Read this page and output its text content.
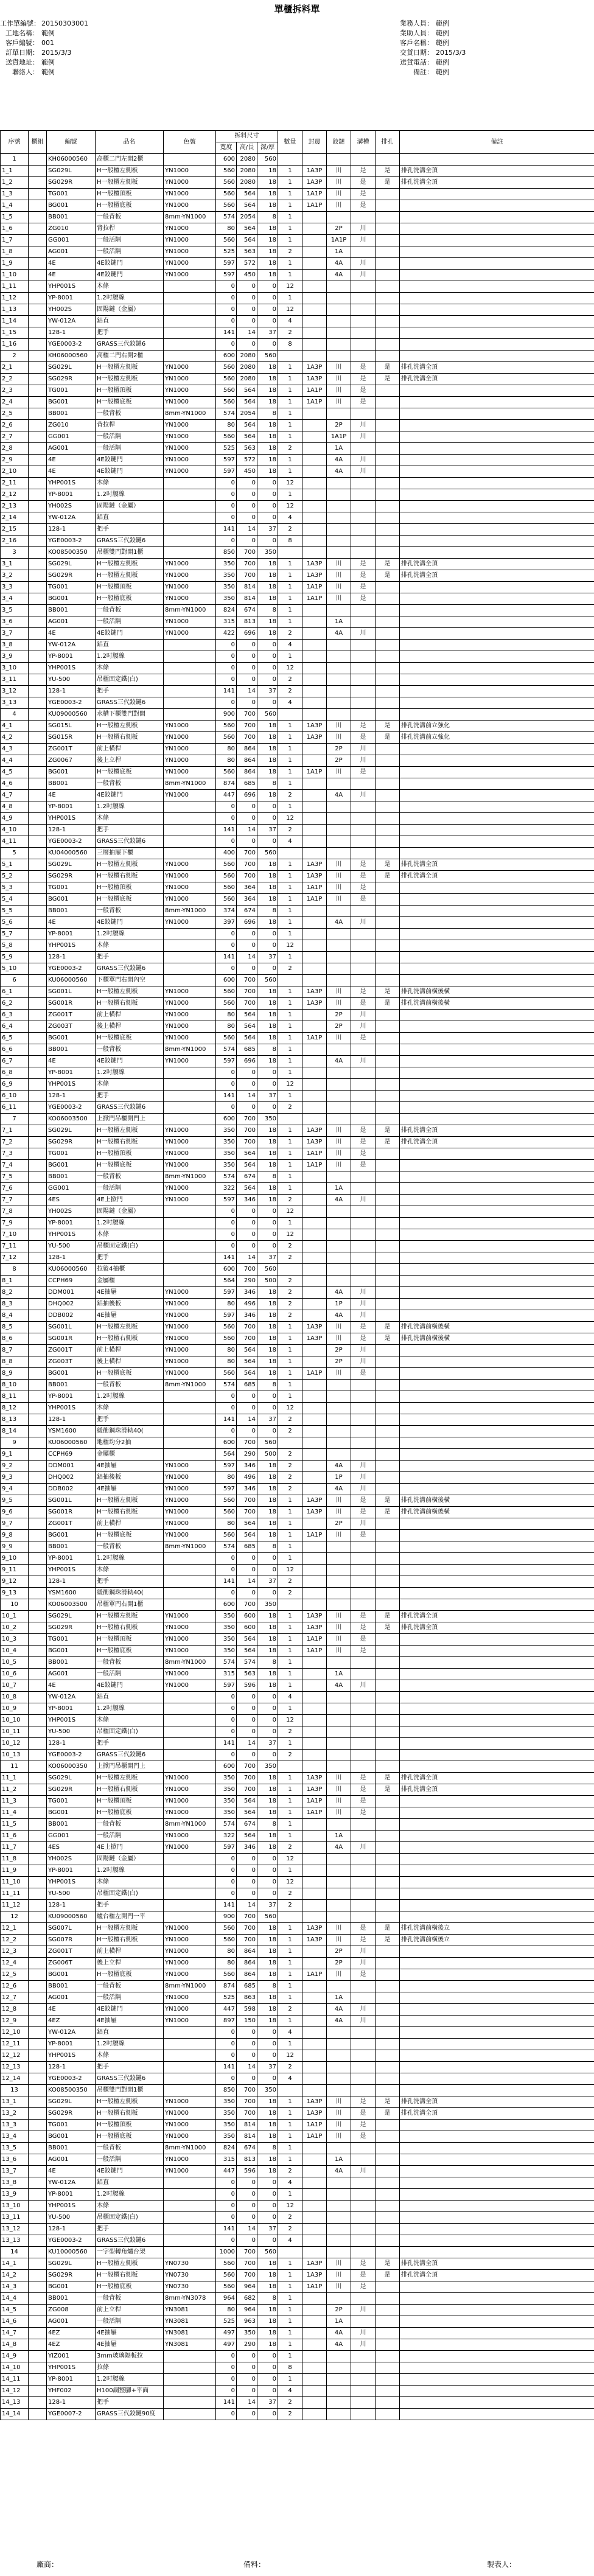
單櫃拆料單
工作單編號： 20150303001
工地名稱： 範例
客戶編號： 001
訂單日期： 2015/3/3
送貨地址： 範例
聯絡人： 範例
業務人員： 範例
業助人員： 範例
客戶名稱： 範例
交貨日期： 2015/3/3
送貨電話： 範例
備註： 範例
序號	櫃組	編號	品名	色號	拆料尺寸			數量	封邊	鉸鏈	溝槽	排孔	備註
					寬度	高/長	深/厚						
1		KH06000560	高櫃二門左開2櫃		600	2080	560						
1_1		SG029L	H一般櫃左側板	YN1000	560	2080	18	1	1A3P	川	是	是	排孔洗溝全頂
1_2		SG029R	H一般櫃左側板	YN1000	560	2080	18	1	1A3P	川	是	是	排孔洗溝全頂
1_3		TG001	H一般櫃頂板	YN1000	560	564	18	1	1A1P	川	是		
1_4		BG001	H一般櫃底板	YN1000	560	564	18	1	1A1P	川	是		
1_5		BB001	一般背板	8mm-YN1000	574	2054	8	1					
1_6		ZG010	背拉桿	YN1000	80	564	18	1		2P	川		
1_7		GG001	一般活隔	YN1000	560	564	18	1		1A1P	川		
1_8		AG001	一般活隔	YN1000	525	563	18	2		1A			
1_9		4E	4E鉸鏈門	YN1000	597	572	18	1		4A	川		
1_10		4E	4E鉸鏈門	YN1000	597	450	18	1		4A	川		
1_11		YHP001S	木條		0	0	0	12					
1_12		YP-8001	1.2吋腰線		0	0	0	1					
1_13		YH002S	固陽鏈（金屬）		0	0	0	12					
1_14		YW-012A	鋁直		0	0	0	4					
1_15		128-1	把手		141	14	37	2					
1_16		YGE0003-2	GRASS三代鉸鏈6		0	0	0	8					
2		KH06000560	高櫃二門右開2櫃		600	2080	560						
2_1		SG029L	H一般櫃左側板	YN1000	560	2080	18	1	1A3P	川	是	是	排孔洗溝全頂
2_2		SG029R	H一般櫃左側板	YN1000	560	2080	18	1	1A3P	川	是	是	排孔洗溝全頂
2_3		TG001	H一般櫃頂板	YN1000	560	564	18	1	1A1P	川	是		
2_4		BG001	H一般櫃底板	YN1000	560	564	18	1	1A1P	川	是		
2_5		BB001	一般背板	8mm-YN1000	574	2054	8	1					
2_6		ZG010	背拉桿	YN1000	80	564	18	1		2P	川		
2_7		GG001	一般活隔	YN1000	560	564	18	1		1A1P	川		
2_8		AG001	一般活隔	YN1000	525	563	18	2		1A			
2_9		4E	4E鉸鏈門	YN1000	597	572	18	1		4A	川		
2_10		4E	4E鉸鏈門	YN1000	597	450	18	1		4A	川		
2_11		YHP001S	木條		0	0	0	12					
2_12		YP-8001	1.2吋腰線		0	0	0	1					
2_13		YH002S	固陽鏈（金屬）		0	0	0	12					
2_14		YW-012A	鋁直		0	0	0	4					
2_15		128-1	把手		141	14	37	2					
2_16		YGE0003-2	GRASS三代鉸鏈6		0	0	0	8					
3		KO08500350	吊櫃雙門對開1櫃		850	700	350						
3_1		SG029L	H一般櫃左側板	YN1000	350	700	18	1	1A3P	川	是	是	排孔洗溝全頂
3_2		SG029R	H一般櫃左側板	YN1000	350	700	18	1	1A3P	川	是	是	排孔洗溝全頂
3_3		TG001	H一般櫃頂板	YN1000	350	814	18	1	1A1P	川	是		
3_4		BG001	H一般櫃底板	YN1000	350	814	18	1	1A1P	川	是		
3_5		BB001	一般背板	8mm-YN1000	824	674	8	1					
3_6		AG001	一般活隔	YN1000	315	813	18	1		1A			
3_7		4E	4E鉸鏈門	YN1000	422	696	18	2		4A	川		
3_8		YW-012A	鋁直		0	0	0	4					
3_9		YP-8001	1.2吋腰線		0	0	0	1					
3_10		YHP001S	木條		0	0	0	12					
3_11		YU-500	吊櫃固定鐵(白)		0	0	0	2					
3_12		128-1	把手		141	14	37	2					
3_13		YGE0003-2	GRASS三代鉸鏈6		0	0	0	4					
4		KU09000560	水槽下櫃雙門對開		900	700	560						
4_1		SG015L	H一般櫃左側板	YN1000	560	700	18	1	1A3P	川	是	是	排孔洗溝前立強化
4_2		SG015R	H一般櫃右側板	YN1000	560	700	18	1	1A3P	川	是	是	排孔洗溝前立強化
4_3		ZG001T	前上橫桿	YN1000	80	864	18	1		2P	川		
4_4		ZG0067	後上立桿	YN1000	80	864	18	1		2P	川		
4_5		BG001	H一般櫃底板	YN1000	560	864	18	1	1A1P	川	是		
4_6		BB001	一般背板	8mm-YN1000	874	685	8	1					
4_7		4E	4E鉸鏈門	YN1000	447	696	18	2		4A	川		
4_8		YP-8001	1.2吋腰線		0	0	0	1					
4_9		YHP001S	木條		0	0	0	12					
4_10		128-1	把手		141	14	37	2					
4_11		YGE0003-2	GRASS三代鉸鏈6		0	0	0	4					
5		KU04000560	三層抽屜下櫃		400	700	560						
5_1		SG029L	H一般櫃左側板	YN1000	560	700	18	1	1A3P	川	是	是	排孔洗溝全頂
5_2		SG029R	H一般櫃右側板	YN1000	560	700	18	1	1A3P	川	是	是	排孔洗溝全頂
5_3		TG001	H一般櫃頂板	YN1000	560	364	18	1	1A1P	川	是		
5_4		BG001	H一般櫃底板	YN1000	560	364	18	1	1A1P	川	是		
5_5		BB001	一般背板	8mm-YN1000	374	674	8	1					
5_6		4E	4E鉸鏈門	YN1000	397	696	18	1		4A	川		
5_7		YP-8001	1.2吋腰線		0	0	0	1					
5_8		YHP001S	木條		0	0	0	12					
5_9		128-1	把手		141	14	37	1					
5_10		YGE0003-2	GRASS三代鉸鏈6		0	0	0	2					
6		KU06000560	下櫃單門右開內空		600	700	560						
6_1		SG001L	H一般櫃左側板	YN1000	560	700	18	1	1A3P	川	是	是	排孔洗溝前橫後橫
6_2		SG001R	H一般櫃右側板	YN1000	560	700	18	1	1A3P	川	是	是	排孔洗溝前橫後橫
6_3		ZG001T	前上橫桿	YN1000	80	564	18	1		2P	川		
6_4		ZG003T	後上橫桿	YN1000	80	564	18	1		2P	川		
6_5		BG001	H一般櫃底板	YN1000	560	564	18	1	1A1P	川	是		
6_6		BB001	一般背板	8mm-YN1000	574	685	8	1					
6_7		4E	4E鉸鏈門	YN1000	597	696	18	1		4A	川		
6_8		YP-8001	1.2吋腰線		0	0	0	1					
6_9		YHP001S	木條		0	0	0	12					
6_10		128-1	把手		141	14	37	1					
6_11		YGE0003-2	GRASS三代鉸鏈6		0	0	0	2					
7		KO06003500	上掀門吊櫃開門上		600	700	350						
7_1		SG029L	H一般櫃左側板	YN1000	350	700	18	1	1A3P	川	是	是	排孔洗溝全頂
7_2		SG029R	H一般櫃右側板	YN1000	350	700	18	1	1A3P	川	是	是	排孔洗溝全頂
7_3		TG001	H一般櫃頂板	YN1000	350	564	18	1	1A1P	川	是		
7_4		BG001	H一般櫃底板	YN1000	350	564	18	1	1A1P	川	是		
7_5		BB001	一般背板	8mm-YN1000	574	674	8	1					
7_6		GG001	一般活隔	YN1000	322	564	18	1		1A			
7_7		4ES	4E上掀門	YN1000	597	346	18	2		4A	川		
7_8		YH002S	固陽鏈（金屬）		0	0	0	12					
7_9		YP-8001	1.2吋腰線		0	0	0	1					
7_10		YHP001S	木條		0	0	0	12					
7_11		YU-500	吊櫃固定鐵(白)		0	0	0	2					
7_12		128-1	把手		141	14	37	2					
8		KU06000560	拉籃4抽櫃		600	700	560						
8_1		CCPH69	金屬櫃		564	290	500	2					
8_2		DDM001	4E抽屜	YN1000	597	346	18	2		4A	川		
8_3		DHQ002	鋁抽後板	YN1000	80	496	18	2		1P	川		
8_4		DDB002	4E抽屜	YN1000	597	346	18	2		4A	川		
8_5		SG001L	H一般櫃左側板	YN1000	560	700	18	1	1A3P	川	是	是	排孔洗溝前橫後橫
8_6		SG001R	H一般櫃右側板	YN1000	560	700	18	1	1A3P	川	是	是	排孔洗溝前橫後橫
8_7		ZG001T	前上橫桿	YN1000	80	564	18	1		2P	川		
8_8		ZG003T	後上橫桿	YN1000	80	564	18	1		2P	川		
8_9		BG001	H一般櫃底板	YN1000	560	564	18	1	1A1P	川	是		
8_10		BB001	一般背板	8mm-YN1000	574	685	8	1					
8_11		YP-8001	1.2吋腰線		0	0	0	1					
8_12		YHP001S	木條		0	0	0	12					
8_13		128-1	把手		141	14	37	2					
8_14		YSM1600	緩衝鋼珠滑軌40(		0	0	0	2					
9		KU06000560	地櫃均分2抽		600	700	560						
9_1		CCPH69	金屬櫃		564	290	500	2					
9_2		DDM001	4E抽屜	YN1000	597	346	18	2		4A	川		
9_3		DHQ002	鋁抽後板	YN1000	80	496	18	2		1P	川		
9_4		DDB002	4E抽屜	YN1000	597	346	18	2		4A	川		
9_5		SG001L	H一般櫃左側板	YN1000	560	700	18	1	1A3P	川	是	是	排孔洗溝前橫後橫
9_6		SG001R	H一般櫃右側板	YN1000	560	700	18	1	1A3P	川	是	是	排孔洗溝前橫後橫
9_7		ZG001T	前上橫桿	YN1000	80	564	18	1		2P	川		
9_8		BG001	H一般櫃底板	YN1000	560	564	18	1	1A1P	川	是		
9_9		BB001	一般背板	8mm-YN1000	574	685	8	1					
9_10		YP-8001	1.2吋腰線		0	0	0	1					
9_11		YHP001S	木條		0	0	0	12					
9_12		128-1	把手		141	14	37	2					
9_13		YSM1600	緩衝鋼珠滑軌40(		0	0	0	2					
10		KO06003500	吊櫃單門右開1櫃		600	700	350						
10_1		SG029L	H一般櫃左側板	YN1000	350	600	18	1	1A3P	川	是	是	排孔洗溝全頂
10_2		SG029R	H一般櫃右側板	YN1000	350	600	18	1	1A3P	川	是	是	排孔洗溝全頂
10_3		TG001	H一般櫃頂板	YN1000	350	564	18	1	1A1P	川	是		
10_4		BG001	H一般櫃底板	YN1000	350	564	18	1	1A1P	川	是		
10_5		BB001	一般背板	8mm-YN1000	574	574	8	1					
10_6		AG001	一般活隔	YN1000	315	563	18	1		1A			
10_7		4E	4E鉸鏈門	YN1000	597	596	18	1		4A	川		
10_8		YW-012A	鋁直		0	0	0	4					
10_9		YP-8001	1.2吋腰線		0	0	0	1					
10_10		YHP001S	木條		0	0	0	12					
10_11		YU-500	吊櫃固定鐵(白)		0	0	0	2					
10_12		128-1	把手		141	14	37	1					
10_13		YGE0003-2	GRASS三代鉸鏈6		0	0	0	2					
11		KO06000350	上掀門吊櫃開門上		600	700	350						
11_1		SG029L	H一般櫃左側板	YN1000	350	700	18	1	1A3P	川	是	是	排孔洗溝全頂
11_2		SG029R	H一般櫃右側板	YN1000	350	700	18	1	1A3P	川	是	是	排孔洗溝全頂
11_3		TG001	H一般櫃頂板	YN1000	350	564	18	1	1A1P	川	是		
11_4		BG001	H一般櫃底板	YN1000	350	564	18	1	1A1P	川	是		
11_5		BB001	一般背板	8mm-YN1000	574	674	8	1					
11_6		GG001	一般活隔	YN1000	322	564	18	1		1A			
11_7		4ES	4E上掀門	YN1000	597	346	18	2		4A	川		
11_8		YH002S	固陽鏈（金屬）		0	0	0	12					
11_9		YP-8001	1.2吋腰線		0	0	0	1					
11_10		YHP001S	木條		0	0	0	12					
11_11		YU-500	吊櫃固定鐵(白)		0	0	0	2					
11_12		128-1	把手		141	14	37	2					
12		KU09000560	爐台櫃左開門一平		900	700	560						
12_1		SG007L	H一般櫃左側板	YN1000	560	700	18	1	1A3P	川	是	是	排孔洗溝前橫後立
12_2		SG007R	H一般櫃右側板	YN1000	560	700	18	1	1A3P	川	是	是	排孔洗溝前橫後立
12_3		ZG001T	前上橫桿	YN1000	80	864	18	1		2P	川		
12_4		ZG006T	後上立桿	YN1000	80	864	18	1		2P	川		
12_5		BG001	H一般櫃底板	YN1000	560	864	18	1	1A1P	川	是		
12_6		BB001	一般背板	8mm-YN1000	874	685	8	1					
12_7		AG001	一般活隔	YN1000	525	863	18	1		1A			
12_8		4E	4E鉸鏈門	YN1000	447	598	18	2		4A	川		
12_9		4EZ	4E抽屜	YN1000	897	150	18	1		4A	川		
12_10		YW-012A	鋁直		0	0	0	4					
12_11		YP-8001	1.2吋腰線		0	0	0	1					
12_12		YHP001S	木條		0	0	0	12					
12_13		128-1	把手		141	14	37	2					
12_14		YGE0003-2	GRASS三代鉸鏈6		0	0	0	4					
13		KO08500350	吊櫃雙門對開1櫃		850	700	350						
13_1		SG029L	H一般櫃左側板	YN1000	350	700	18	1	1A3P	川	是	是	排孔洗溝全頂
13_2		SG029R	H一般櫃右側板	YN1000	350	700	18	1	1A3P	川	是	是	排孔洗溝全頂
13_3		TG001	H一般櫃頂板	YN1000	350	814	18	1	1A1P	川	是		
13_4		BG001	H一般櫃底板	YN1000	350	814	18	1	1A1P	川	是		
13_5		BB001	一般背板	8mm-YN1000	824	674	8	1					
13_6		AG001	一般活隔	YN1000	315	813	18	1		1A			
13_7		4E	4E鉸鏈門	YN1000	447	596	18	2		4A	川		
13_8		YW-012A	鋁直		0	0	0	4					
13_9		YP-8001	1.2吋腰線		0	0	0	1					
13_10		YHP001S	木條		0	0	0	12					
13_11		YU-500	吊櫃固定鐵(白)		0	0	0	2					
13_12		128-1	把手		141	14	37	2					
13_13		YGE0003-2	GRASS三代鉸鏈6		0	0	0	4					
14		KU10000560	一字型轉角爐台架		1000	700	560						
14_1		SG029L	H一般櫃左側板	YN0730	560	700	18	1	1A3P	川	是	是	排孔洗溝全頂
14_2		SG029R	H一般櫃右側板	YN0730	560	700	18	1	1A3P	川	是	是	排孔洗溝全頂
14_3		BG001	H一般櫃底板	YN0730	560	964	18	1	1A1P	川	是		
14_4		BB001	一般背板	8mm-YN3078	964	682	8	1					
14_5		ZG008	前上立桿	YN3081	80	964	18	1		2P	川		
14_6		AG001	一般活隔	YN3081	525	963	18	1		1A			
14_7		4EZ	4E抽屜	YN3081	497	350	18	1		4A	川		
14_8		4EZ	4E抽屜	YN3081	497	290	18	1		4A	川		
14_9		YIZ001	3mm玻璃隔板拉		0	0	0	1					
14_10		YHP001S	拉條		0	0	0	8					
14_11		YP-8001	1.2吋腰線		0	0	0	1					
14_12		YHF002	H100調整腳+平面		0	0	0	4					
14_13		128-1	把手		141	14	37	2					
14_14		YGE0007-2	GRASS三代鉸鏈90度		0	0	0	2					
廠商：	備料：	製表人：
